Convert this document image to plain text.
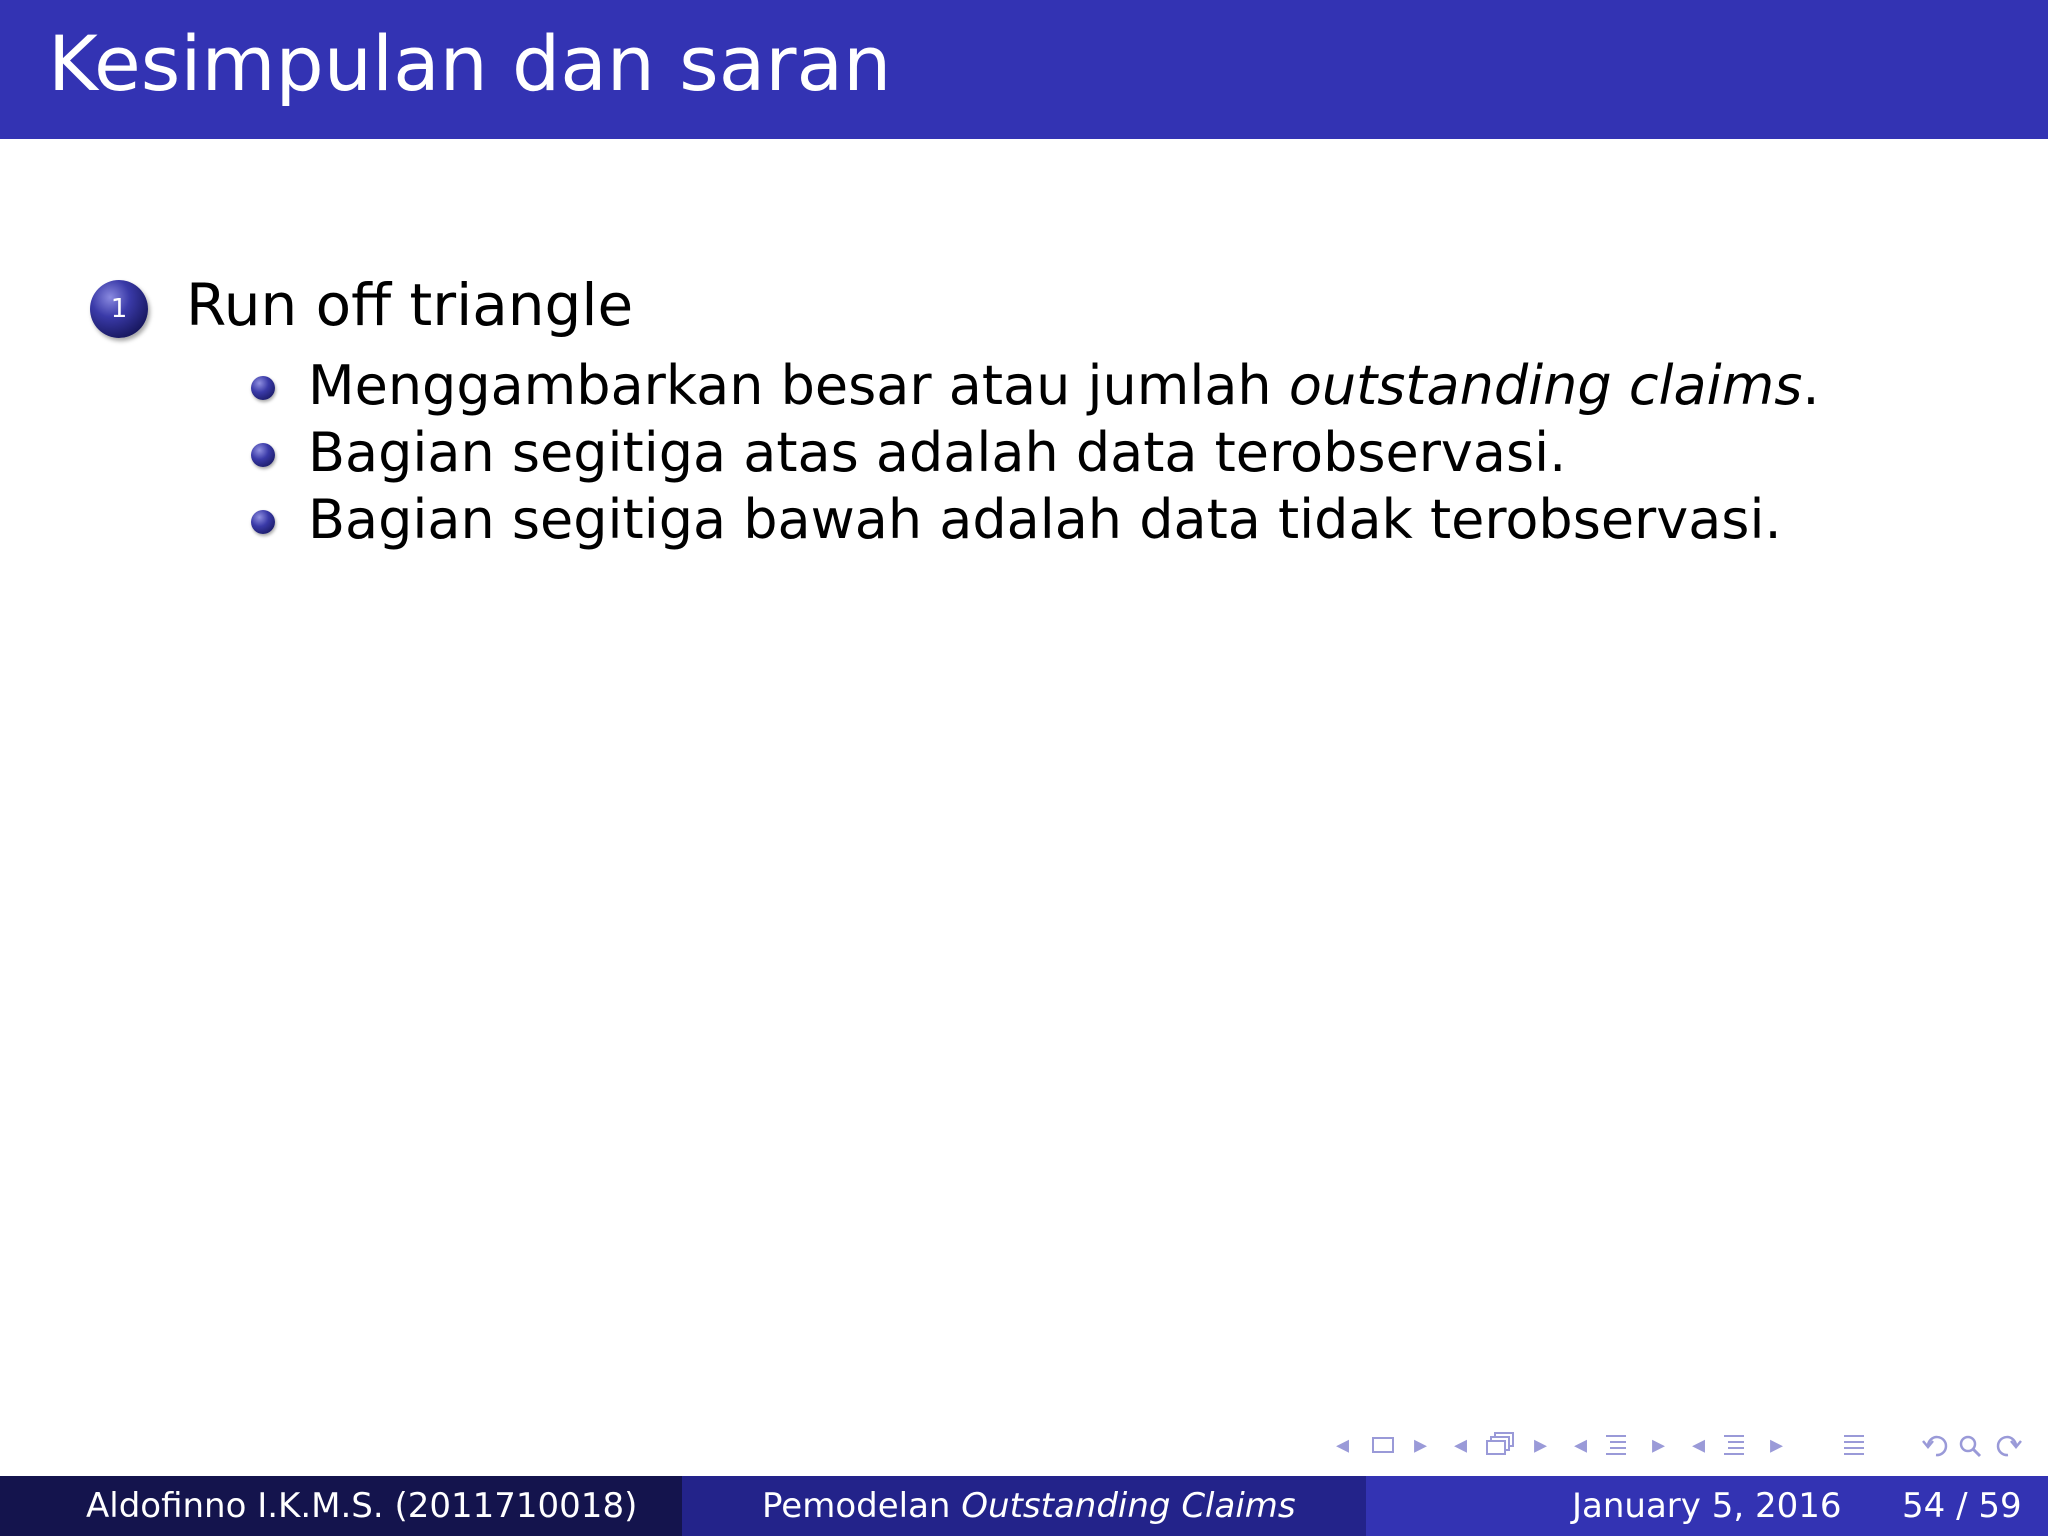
Kesimpulan dan saran
1	Run off triangle
Menggambarkan besar atau jumlah outstanding claims.
Bagian segitiga atas adalah data terobservasi.
Bagian segitiga bawah adalah data tidak terobservasi.
◂ ▸ ◂	▸ ◂ ▸ ◂ ▸
Aldofinno I.K.M.S. (2011710018)	Pemodelan Outstanding Claims	January 5, 2016 54 / 59
